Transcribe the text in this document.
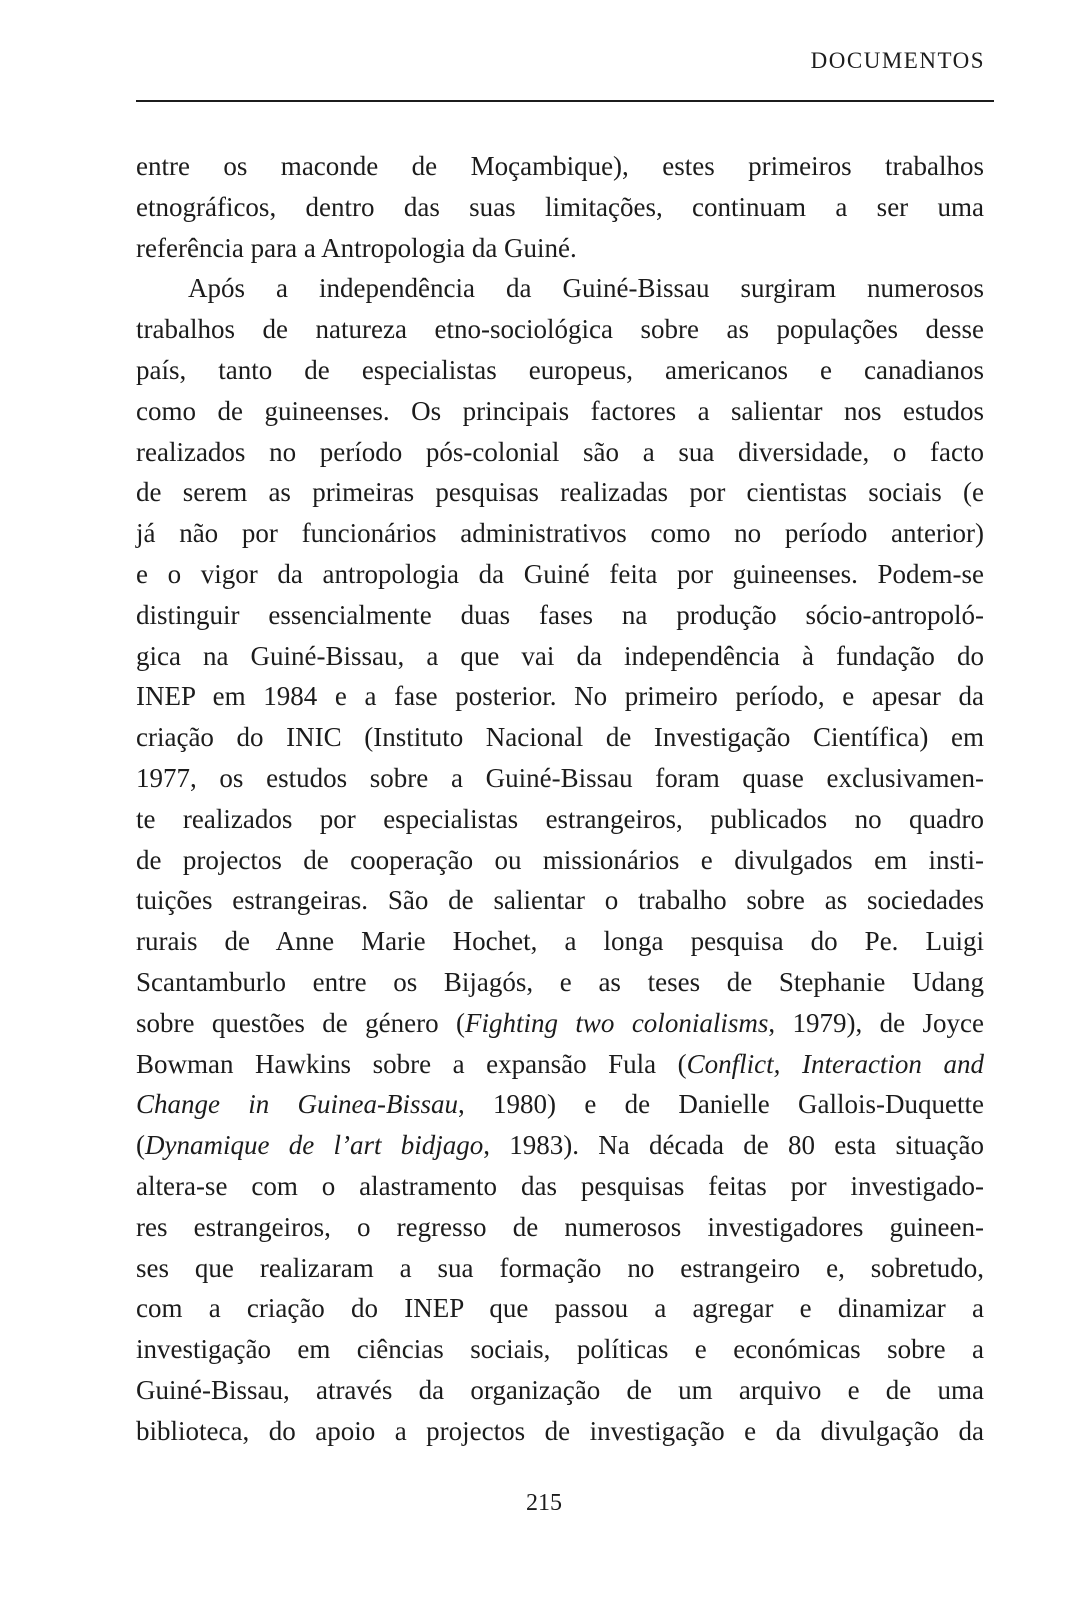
DOCUMENTOS
entre os maconde de Moçambique), estes primeiros trabalhos
etnográficos, dentro das suas limitações, continuam a ser uma
referência para a Antropologia da Guiné.
Após a independência da Guiné-Bissau surgiram numerosos
trabalhos de natureza etno-sociológica sobre as populações desse
país, tanto de especialistas europeus, americanos e canadianos
como de guineenses. Os principais factores a salientar nos estudos
realizados no período pós-colonial são a sua diversidade, o facto
de serem as primeiras pesquisas realizadas por cientistas sociais (e
já não por funcionários administrativos como no período anterior)
e o vigor da antropologia da Guiné feita por guineenses. Podem-se
distinguir essencialmente duas fases na produção sócio-antropoló-
gica na Guiné-Bissau, a que vai da independência à fundação do
INEP em 1984 e a fase posterior. No primeiro período, e apesar da
criação do INIC (Instituto Nacional de Investigação Científica) em
1977, os estudos sobre a Guiné-Bissau foram quase exclusivamen-
te realizados por especialistas estrangeiros, publicados no quadro
de projectos de cooperação ou missionários e divulgados em insti-
tuições estrangeiras. São de salientar o trabalho sobre as sociedades
rurais de Anne Marie Hochet, a longa pesquisa do Pe. Luigi
Scantamburlo entre os Bijagós, e as teses de Stephanie Udang
sobre questões de género (Fighting two colonialisms, 1979), de Joyce
Bowman Hawkins sobre a expansão Fula (Conflict, Interaction and
Change in Guinea-Bissau, 1980) e de Danielle Gallois-Duquette
(Dynamique de l’art bidjago, 1983). Na década de 80 esta situação
altera-se com o alastramento das pesquisas feitas por investigado-
res estrangeiros, o regresso de numerosos investigadores guineen-
ses que realizaram a sua formação no estrangeiro e, sobretudo,
com a criação do INEP que passou a agregar e dinamizar a
investigação em ciências sociais, políticas e económicas sobre a
Guiné-Bissau, através da organização de um arquivo e de uma
biblioteca, do apoio a projectos de investigação e da divulgação da
215
